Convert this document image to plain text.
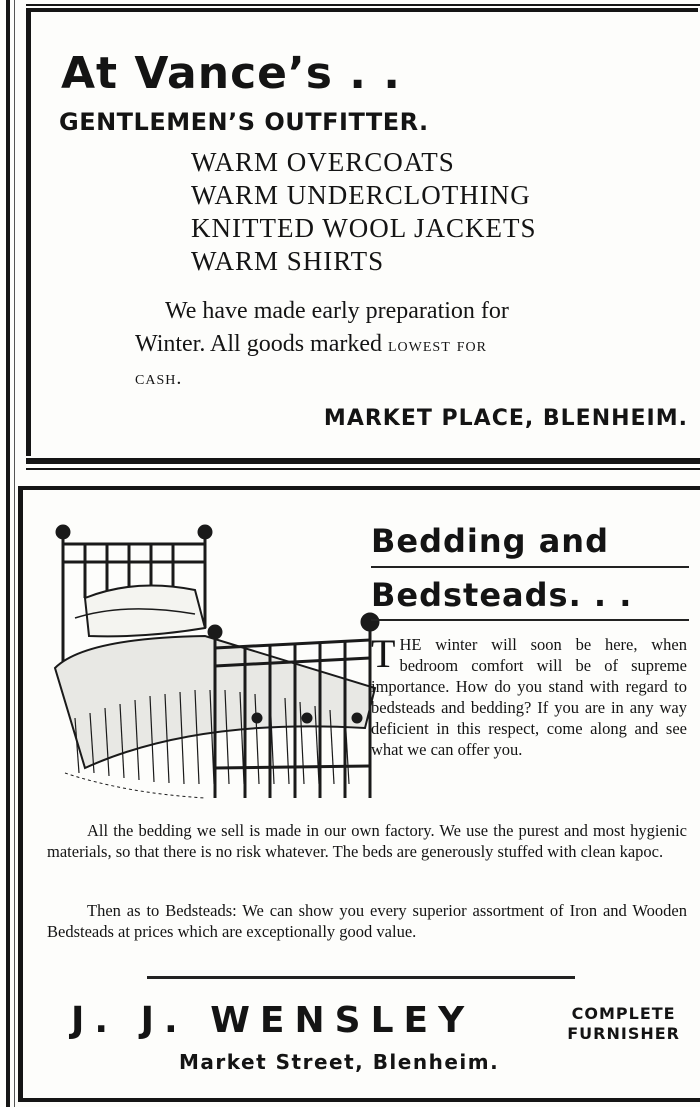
At Vance’s . .
GENTLEMEN’S OUTFITTER.
WARM OVERCOATS
WARM UNDERCLOTHING
KNITTED WOOL JACKETS
WARM SHIRTS

We have made early preparation for
Winter. All goods marked lowest for
cash.

MARKET PLACE, BLENHEIM.

Bedding and
Bedsteads. . .

THE winter will soon be here, when bedroom comfort will be of supreme importance. How do you stand with regard to bedsteads and bedding? If you are in any way deficient in this respect, come along and see what we can offer you.

All the bedding we sell is made in our own factory. We use the purest and most hygienic materials, so that there is no risk whatever. The beds are generously stuffed with clean kapoc.

Then as to Bedsteads: We can show you every superior assortment of Iron and Wooden Bedsteads at prices which are exceptionally good value.

J. J. WENSLEY	COMPLETE
FURNISHER

Market Street, Blenheim.
